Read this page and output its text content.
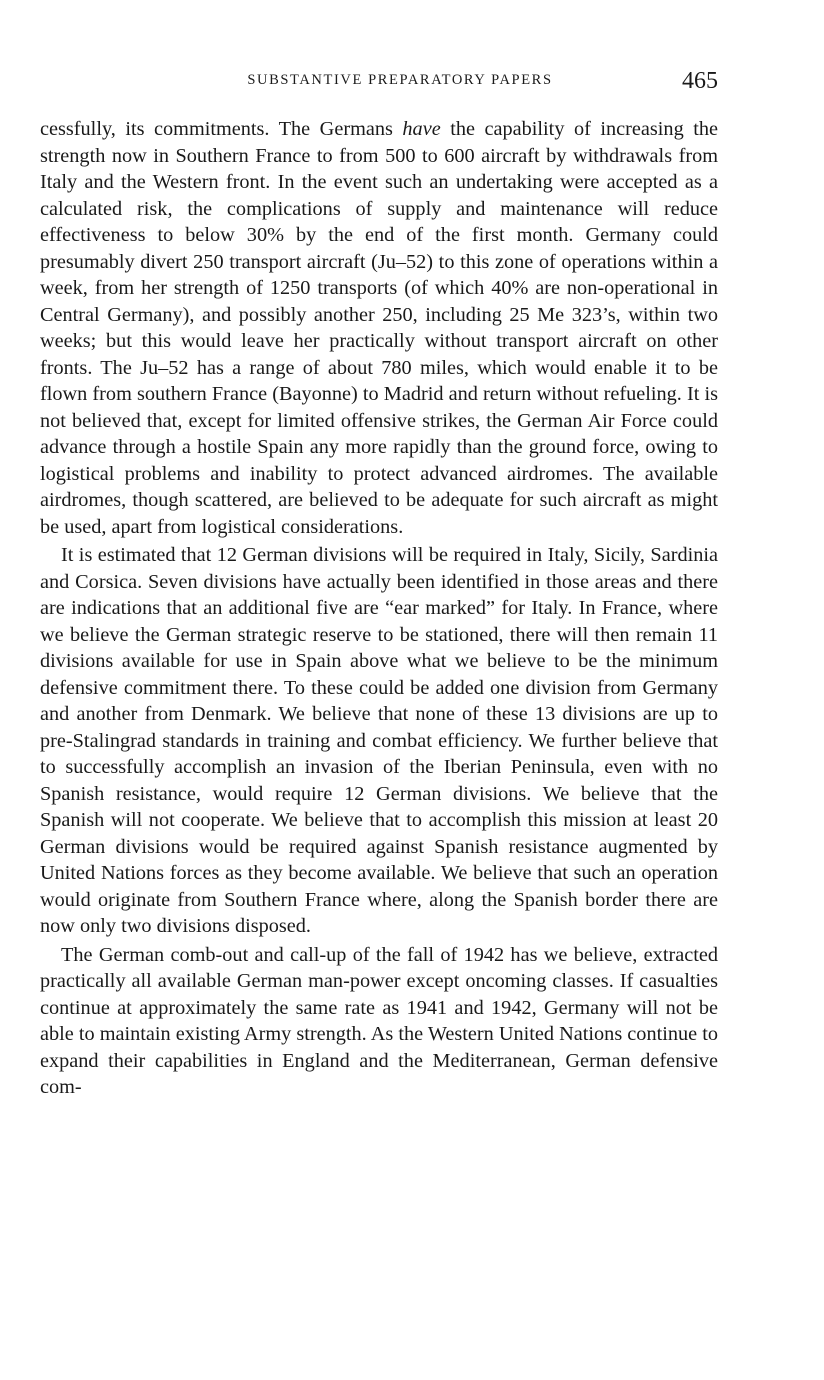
SUBSTANTIVE PREPARATORY PAPERS	465

cessfully, its commitments. The Germans have the capability of increasing the strength now in Southern France to from 500 to 600 aircraft by withdrawals from Italy and the Western front. In the event such an undertaking were accepted as a calculated risk, the complications of supply and maintenance will reduce effectiveness to below 30% by the end of the first month. Germany could presumably divert 250 transport aircraft (Ju–52) to this zone of operations within a week, from her strength of 1250 transports (of which 40% are non-operational in Central Germany), and possibly another 250, including 25 Me 323’s, within two weeks; but this would leave her practically without transport aircraft on other fronts. The Ju–52 has a range of about 780 miles, which would enable it to be flown from southern France (Bayonne) to Madrid and return without refueling. It is not believed that, except for limited offensive strikes, the German Air Force could advance through a hostile Spain any more rapidly than the ground force, owing to logistical problems and inability to protect advanced airdromes. The available airdromes, though scattered, are believed to be adequate for such aircraft as might be used, apart from logistical considerations.

It is estimated that 12 German divisions will be required in Italy, Sicily, Sardinia and Corsica. Seven divisions have actually been identified in those areas and there are indications that an additional five are “ear marked” for Italy. In France, where we believe the German strategic reserve to be stationed, there will then remain 11 divisions available for use in Spain above what we believe to be the minimum defensive commitment there. To these could be added one division from Germany and another from Denmark. We believe that none of these 13 divisions are up to pre-Stalingrad standards in training and combat efficiency. We further believe that to successfully accomplish an invasion of the Iberian Peninsula, even with no Spanish resistance, would require 12 German divisions. We believe that the Spanish will not cooperate. We believe that to accomplish this mission at least 20 German divisions would be required against Spanish resistance augmented by United Nations forces as they become available. We believe that such an operation would originate from Southern France where, along the Spanish border there are now only two divisions disposed.

The German comb-out and call-up of the fall of 1942 has we believe, extracted practically all available German man-power except oncoming classes. If casualties continue at approximately the same rate as 1941 and 1942, Germany will not be able to maintain existing Army strength. As the Western United Nations continue to expand their capabilities in England and the Mediterranean, German defensive com-
